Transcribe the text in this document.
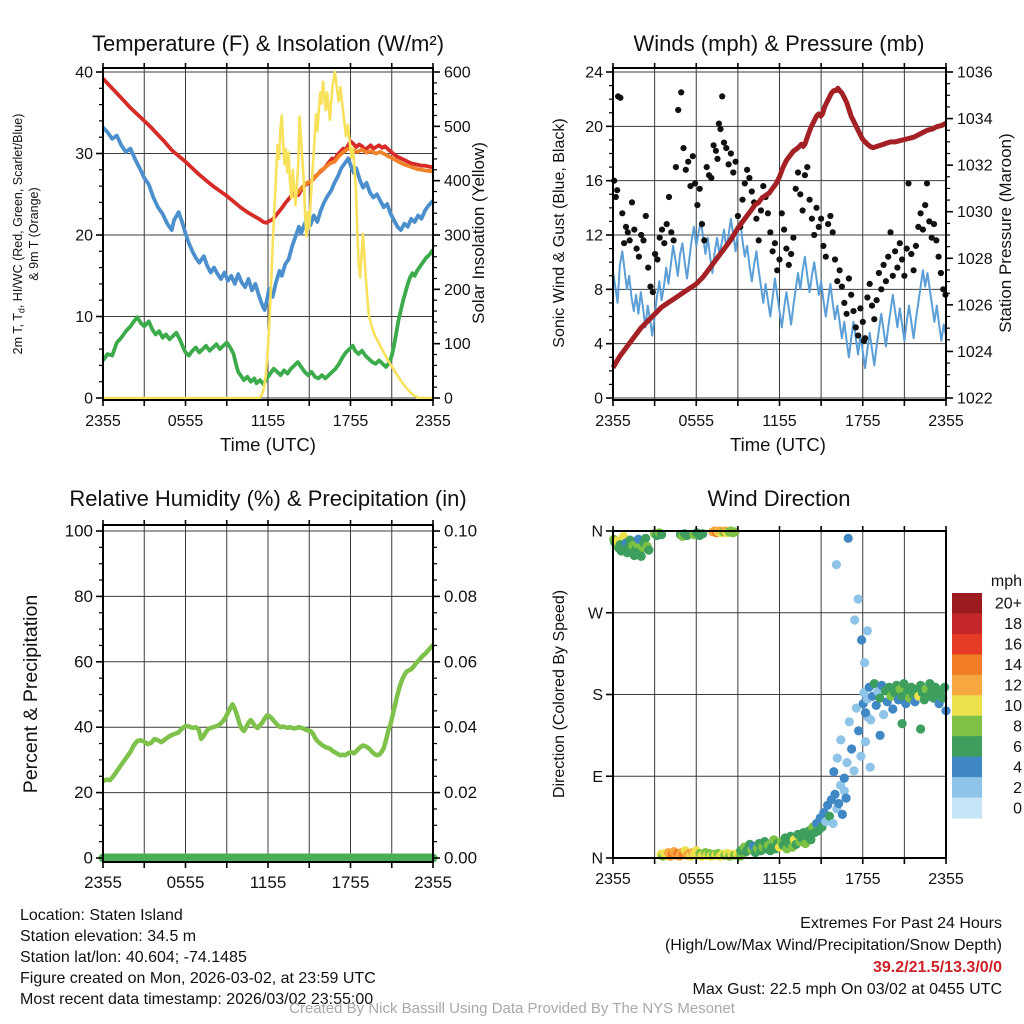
Temperature (F) & Insolation (W/m²)	Winds (mph) & Pressure (mb)
Relative Humidity (%) & Precipitation (in)	Wind Direction
2355	0555	1155	1755	2355
0
10
20
30
40
0
100
200
300
400
500
600
2355	0555	1155	1755	2355
0
4
8
12
16
20
24
1022
1024
1026
1028
1030
1032
1034
1036
2355	0555	1155	1755	2355
0
20
40
60
80
100
0.00
0.02
0.04
0.06
0.08
0.10
2355	0555	1155	1755	2355
N
E
S
W
N
20+
18
16
14
12
10
8
6
4
2
0
mph
Time (UTC)	Time (UTC)
2m T, $T_d$, HI/WC (Red, Green, Scarlet/Blue) & 9m T (Orange)	Solar Insolation (Yellow)	Sonic Wind & Gust (Blue, Black)	Station Pressure (Maroon)
Percent & Precipitation	Direction (Colored By Speed)
Location: Staten Island
Station elevation: 34.5 m
Station lat/lon: 40.604; -74.1485
Figure created on Mon, 2026-03-02, at 23:59 UTC
Most recent data timestamp: 2026/03/02 23:55:00
Extremes For Past 24 Hours
(High/Low/Max Wind/Precipitation/Snow Depth)
39.2/21.5/13.3/0/0
Max Gust: 22.5 mph On 03/02 at 0455 UTC
Created By Nick Bassill Using Data Provided By The NYS Mesonet
